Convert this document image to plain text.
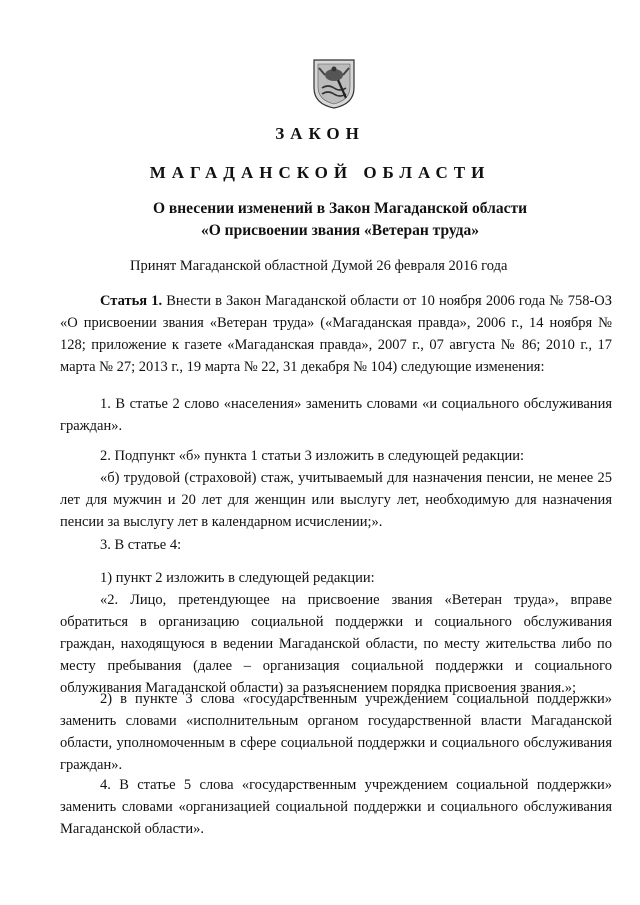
ЗАКОН
МАГАДАНСКОЙ ОБЛАСТИ
О внесении изменений в Закон Магаданской области
«О присвоении звания «Ветеран труда»
Принят Магаданской областной Думой 26 февраля 2016 года

Статья 1. Внести в Закон Магаданской области от 10 ноября 2006 года № 758-ОЗ «О присвоении звания «Ветеран труда» («Магаданская правда», 2006 г., 14 ноября № 128; приложение к газете «Магаданская правда», 2007 г., 07 августа № 86; 2010 г., 17 марта № 27; 2013 г., 19 марта № 22, 31 декабря № 104) следующие изменения:

1. В статье 2 слово «населения» заменить словами «и социального обслуживания граждан».

2. Подпункт «б» пункта 1 статьи 3 изложить в следующей редакции:

«б) трудовой (страховой) стаж, учитываемый для назначения пенсии, не менее 25 лет для мужчин и 20 лет для женщин или выслугу лет, необходимую для назначения пенсии за выслугу лет в календарном исчислении;».

3. В статье 4:

1) пункт 2 изложить в следующей редакции:

«2. Лицо, претендующее на присвоение звания «Ветеран труда», вправе обратиться в организацию социальной поддержки и социального обслуживания граждан, находящуюся в ведении Магаданской области, по месту жительства либо по месту пребывания (далее – организация социальной поддержки и социального облуживания Магаданской области) за разъяснением порядка присвоения звания.»;

2) в пункте 3 слова «государственным учреждением социальной поддержки» заменить словами «исполнительным органом государственной власти Магаданской области, уполномоченным в сфере социальной поддержки и социального обслуживания граждан».

4. В статье 5 слова «государственным учреждением социальной поддержки» заменить словами «организацией социальной поддержки и социального обслуживания Магаданской области».
